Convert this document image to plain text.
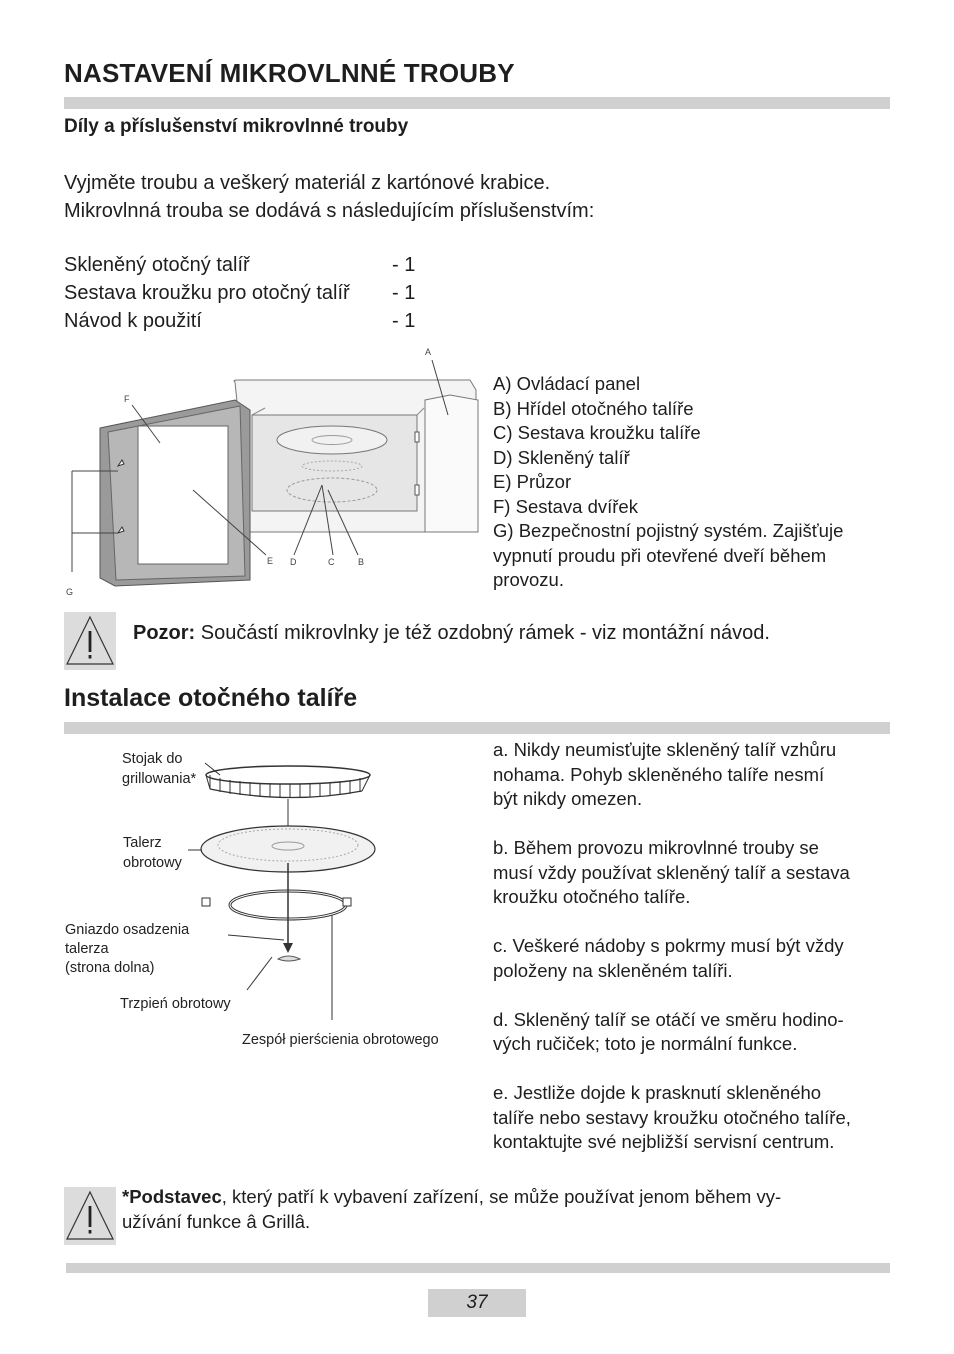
NASTAVENÍ MIKROVLNNÉ TROUBY
Díly a příslušenství mikrovlnné trouby
Vyjměte troubu a veškerý materiál z kartónové krabice.
Mikrovlnná trouba se dodává s následujícím příslušenstvím:
Skleněný otočný talíř	- 1
Sestava kroužku pro otočný talíř	- 1
Návod k použití	- 1
A
F
E D	C	B
G
A) Ovládací panel
B) Hřídel otočného talíře
C) Sestava kroužku talíře
D) Skleněný talíř
E) Průzor
F) Sestava dvířek
G) Bezpečnostní pojistný systém. Zajišťuje
vypnutí proudu při otevřené dveří během
provozu.
Pozor: Součástí mikrovlnky je též ozdobný rámek - viz montážní návod.
Instalace otočného talíře
Stojak do
grillowania*
Talerz
obrotowy
Gniazdo osadzenia
talerza
(strona dolna)
Trzpień obrotowy
Zespół pierścienia obrotowego

a. Nikdy neumisťujte skleněný talíř vzhůru
nohama. Pohyb skleněného talíře nesmí
být nikdy omezen.

b. Během provozu mikrovlnné trouby se
musí vždy používat skleněný talíř a sestava
kroužku otočného talíře.

c. Veškeré nádoby s pokrmy musí být vždy
položeny na skleněném talíři.

d. Skleněný talíř se otáčí ve směru hodino-
vých ručiček; toto je normální funkce.

e. Jestliže dojde k prasknutí skleněného
talíře nebo sestavy kroužku otočného talíře,
kontaktujte své nejbližší servisní centrum.

*Podstavec, který patří k vybavení zařízení, se může používat jenom během vy-
užívání funkce â Grillâ.
37
